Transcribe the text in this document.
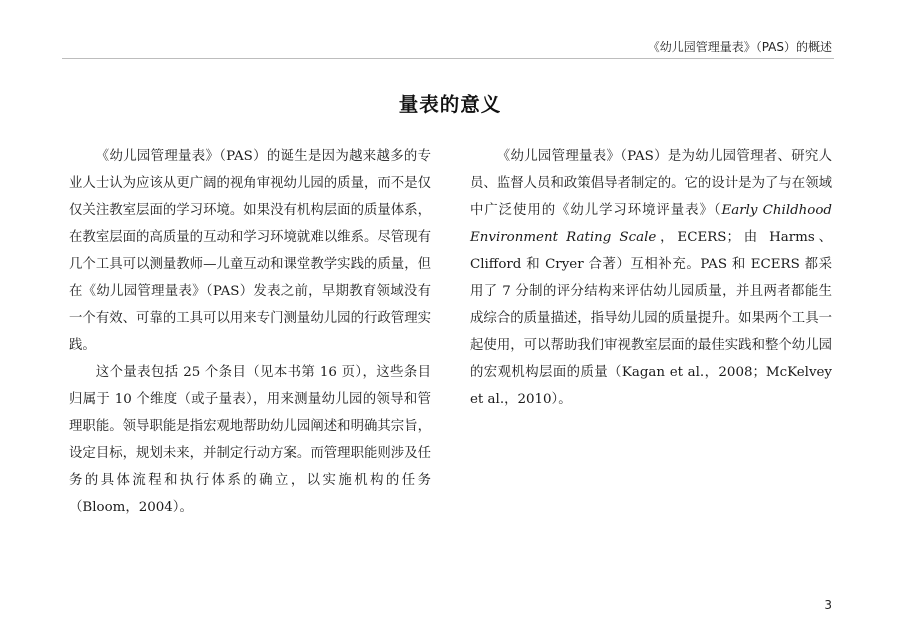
《幼儿园管理量表》（PAS）的概述
量表的意义

《幼儿园管理量表》（PAS）的诞生是因为越来越多的专业人士认为应该从更广阔的视角审视幼儿园的质量，而不是仅仅关注教室层面的学习环境。如果没有机构层面的质量体系，在教室层面的高质量的互动和学习环境就难以维系。尽管现有几个工具可以测量教师—儿童互动和课堂教学实践的质量，但在《幼儿园管理量表》（PAS）发表之前，早期教育领域没有一个有效、可靠的工具可以用来专门测量幼儿园的行政管理实践。

这个量表包括 25 个条目（见本书第 16 页），这些条目归属于 10 个维度（或子量表），用来测量幼儿园的领导和管理职能。领导职能是指宏观地帮助幼儿园阐述和明确其宗旨，设定目标，规划未来，并制定行动方案。而管理职能则涉及任务的具体流程和执行体系的确立，以实施机构的任务（Bloom，2004）。

《幼儿园管理量表》（PAS）是为幼儿园管理者、研究人员、监督人员和政策倡导者制定的。它的设计是为了与在领域中广泛使用的《幼儿学习环境评量表》（Early Childhood Environment Rating Scale，ECERS；由 Harms、Clifford 和 Cryer 合著）互相补充。PAS 和 ECERS 都采用了 7 分制的评分结构来评估幼儿园质量，并且两者都能生成综合的质量描述，指导幼儿园的质量提升。如果两个工具一起使用，可以帮助我们审视教室层面的最佳实践和整个幼儿园的宏观机构层面的质量（Kagan et al.，2008；McKelvey et al.，2010）。

3
